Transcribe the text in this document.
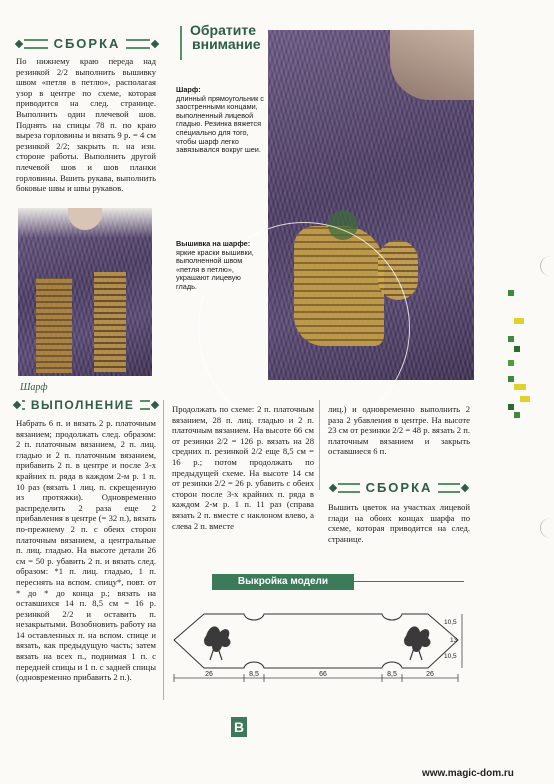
СБОРКА

По нижнему краю переда над резинкой 2/2 выполнить вышивку швом «петля в петлю», располагая узор в центре по схеме, которая приводится на след. странице. Выполнить один плечевой шов. Поднять на спицы 78 п. по краю выреза горловины и вязать 9 р. = 4 см резинкой 2/2; закрыть п. на изн. стороне работы. Выполнить другой плечевой шов и шов планки горловины. Вшить рукава, выполнить боковые швы и швы рукавов.

Шарф
Обратите
внимание
Шарф:
длинный прямоугольник с заостренными концами, выполненный лицевой гладью. Резинка вяжется специально для того, чтобы шарф легко завязывался вокруг шеи.
Вышивка на шарфе:
яркие краски вышивки, выполненной швом «петля в петлю», украшают лицевую гладь.
ВЫПОЛНЕНИЕ

Набрать 6 п. и вязать 2 р. платочным вязанием; продолжать след. образом: 2 п. платочным вязанием, 2 п. лиц. гладью и 2 п. платочным вязанием, прибавить 2 п. в центре и после 3-х крайних п. ряда в каждом 2-м р. 1 п. 10 раз (вязать 1 лиц. п. скрещенную из протяжки). Одновременно распределить 2 раза еще 2 прибавления в центре (= 32 п.), вязать по-прежнему 2 п. с обеих сторон платочным вязанием, а центральные п. лиц. гладью. На высоте детали 26 см = 50 р. убавить 2 п. и вязать след. образом: *1 п. лиц. гладью, 1 п. переснять на вспом. спицу*, повт. от * до * до конца р.; вязать на оставшихся 14 п. 8,5 см = 16 р. резинкой 2/2 и оставить п. незакрытыми. Возобновить работу на 14 оставленных п. на вспом. спице и вязать, как предыдущую часть; затем вязать на всех п., поднимая 1 п. с передней спицы и 1 п. с задней спицы (одновременно прибавить 2 п.).

Продолжать по схеме: 2 п. платочным вязанием, 28 п. лиц. гладью и 2 п. платочным вязанием. На высоте 66 см от резинки 2/2 = 126 р. вязать на 28 средних п. резинкой 2/2 еще 8,5 см = 16 р.; потом продолжать по предыдущей схеме. На высоте 14 см от резинки 2/2 = 26 р. убавить с обеих сторон после 3-х крайних п. ряда в каждом 2-м р. 1 п. 11 раз (справа вязать 2 п. вместе с наклоном влево, а слева 2 п. вместе

лиц.) и одновременно выполнить 2 раза 2 убавления в центре. На высоте 23 см от резинки 2/2 = 48 р. вязать 2 п. платочным вязанием и закрыть оставшиеся 6 п.

СБОРКА

Вышить цветок на участках лицевой глади на обоих концах шарфа по схеме, которая приводится на след. странице.

Выкройка модели
26	8,5	66	8,5	26
10,5
13
10,5
В
www.magic-dom.ru
